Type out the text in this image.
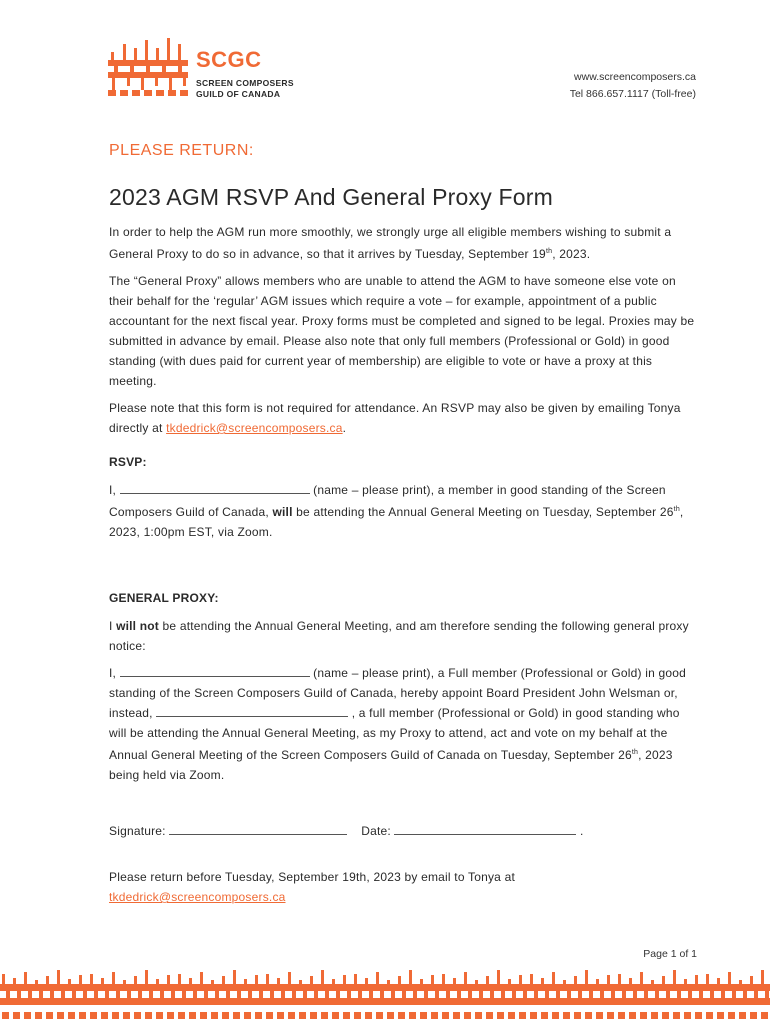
SCGC
SCREEN COMPOSERS
GUILD OF CANADA
www.screencomposers.ca
Tel 866.657.1117 (Toll-free)
PLEASE RETURN:
2023 AGM RSVP And General Proxy Form

In order to help the AGM run more smoothly, we strongly urge all eligible members wishing to submit a General Proxy to do so in advance, so that it arrives by Tuesday, September 19th, 2023.

The “General Proxy” allows members who are unable to attend the AGM to have someone else vote on their behalf for the ‘regular’ AGM issues which require a vote – for example, appointment of a public accountant for the next fiscal year. Proxy forms must be completed and signed to be legal. Proxies may be submitted in advance by email. Please also note that only full members (Professional or Gold) in good standing (with dues paid for current year of membership) are eligible to vote or have a proxy at this meeting.

Please note that this form is not required for attendance. An RSVP may also be given by emailing Tonya directly at tkdedrick@screencomposers.ca.

RSVP:

I,	(name – please print), a member in good standing of the Screen Composers Guild of Canada, will be attending the Annual General Meeting on Tuesday, September 26th, 2023, 1:00pm EST, via Zoom.

GENERAL PROXY:

I will not be attending the Annual General Meeting, and am therefore sending the following general proxy notice:

I,	(name – please print), a Full member (Professional or Gold) in good standing of the Screen Composers Guild of Canada, hereby appoint Board President John Welsman or, instead,	, a full member (Professional or Gold) in good standing who will be attending the Annual General Meeting, as my Proxy to attend, act and vote on my behalf at the Annual General Meeting of the Screen Composers Guild of Canada on Tuesday, September 26th, 2023 being held via Zoom.

Signature:	Date:	.
Please return before Tuesday, September 19th, 2023 by email to Tonya at
tkdedrick@screencomposers.ca
Page 1 of 1
